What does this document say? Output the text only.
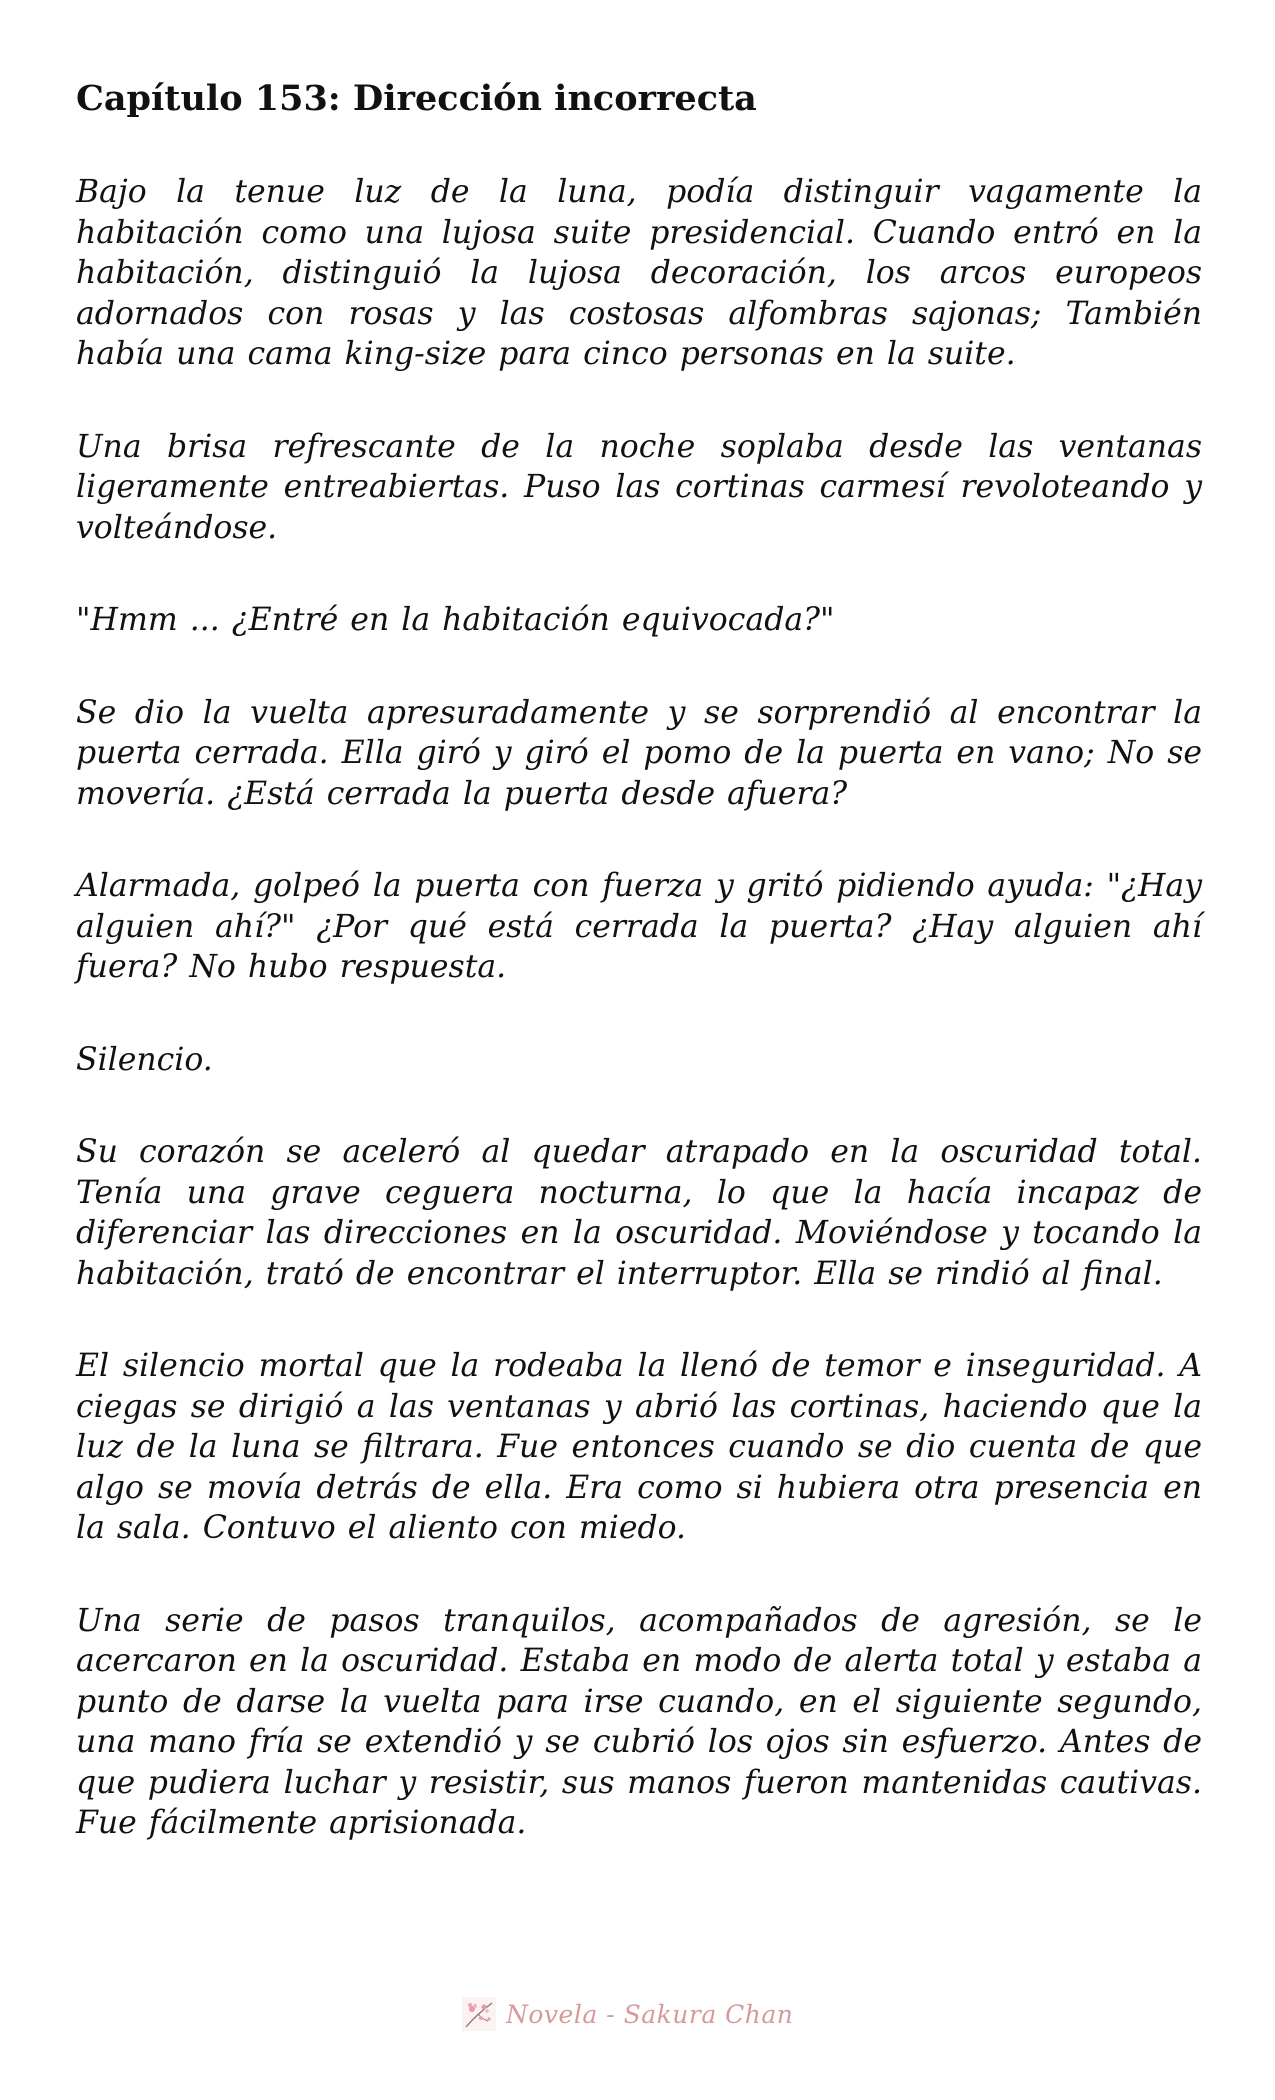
Capítulo 153: Dirección incorrecta

Bajo la tenue luz de la luna, podía distinguir vagamente la habitación como una lujosa suite presidencial. Cuando entró en la habitación, distinguió la lujosa decoración, los arcos europeos adornados con rosas y las costosas alfombras sajonas; También había una cama king-size para cinco personas en la suite.

Una brisa refrescante de la noche soplaba desde las ventanas ligeramente entreabiertas. Puso las cortinas carmesí revoloteando y volteándose.

"Hmm ... ¿Entré en la habitación equivocada?"

Se dio la vuelta apresuradamente y se sorprendió al encontrar la puerta cerrada. Ella giró y giró el pomo de la puerta en vano; No se movería. ¿Está cerrada la puerta desde afuera?

Alarmada, golpeó la puerta con fuerza y gritó pidiendo ayuda: "¿Hay alguien ahí?" ¿Por qué está cerrada la puerta? ¿Hay alguien ahí fuera? No hubo respuesta.

Silencio.

Su corazón se aceleró al quedar atrapado en la oscuridad total. Tenía una grave ceguera nocturna, lo que la hacía incapaz de diferenciar las direcciones en la oscuridad. Moviéndose y tocando la habitación, trató de encontrar el interruptor. Ella se rindió al final.

El silencio mortal que la rodeaba la llenó de temor e inseguridad. A ciegas se dirigió a las ventanas y abrió las cortinas, haciendo que la luz de la luna se filtrara. Fue entonces cuando se dio cuenta de que algo se movía detrás de ella. Era como si hubiera otra presencia en la sala. Contuvo el aliento con miedo.

Una serie de pasos tranquilos, acompañados de agresión, se le acercaron en la oscuridad. Estaba en modo de alerta total y estaba a punto de darse la vuelta para irse cuando, en el siguiente segundo, una mano fría se extendió y se cubrió los ojos sin esfuerzo. Antes de que pudiera luchar y resistir, sus manos fueron mantenidas cautivas. Fue fácilmente aprisionada.

Novela - Sakura Chan
